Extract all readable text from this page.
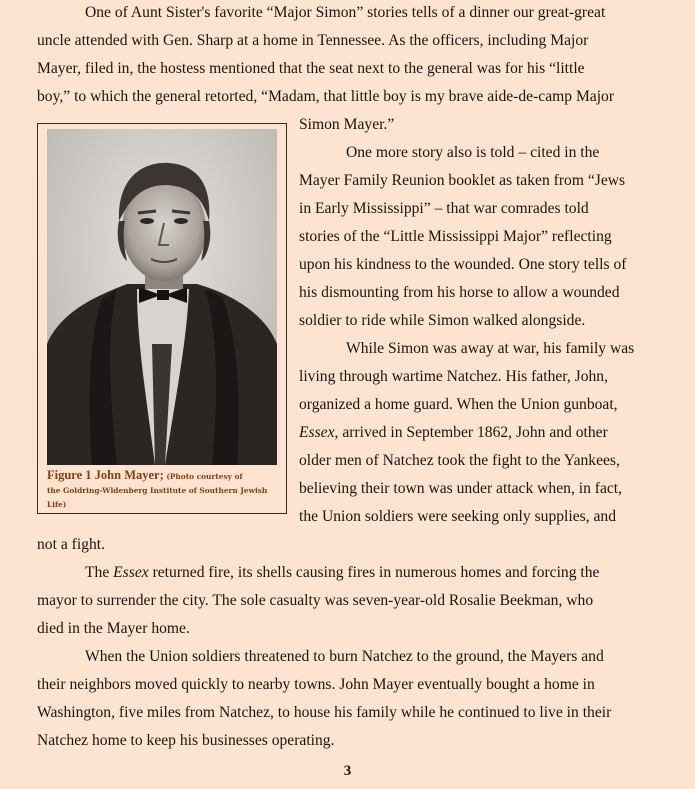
One of Aunt Sister's favorite “Major Simon” stories tells of a dinner our great-great
uncle attended with Gen. Sharp at a home in Tennessee. As the officers, including Major
Mayer, filed in, the hostess mentioned that the seat next to the general was for his “little
boy,” to which the general retorted, “Madam, that little boy is my brave aide-de-camp Major
Simon Mayer.”
One more story also is told – cited in the
Mayer Family Reunion booklet as taken from “Jews
in Early Mississippi” – that war comrades told
stories of the “Little Mississippi Major” reflecting
upon his kindness to the wounded. One story tells of
his dismounting from his horse to allow a wounded
soldier to ride while Simon walked alongside.
While Simon was away at war, his family was
living through wartime Natchez. His father, John,
organized a home guard. When the Union gunboat,
Essex, arrived in September 1862, John and other
older men of Natchez took the fight to the Yankees,
believing their town was under attack when, in fact,
the Union soldiers were seeking only supplies, and
not a fight.
The Essex returned fire, its shells causing fires in numerous homes and forcing the
mayor to surrender the city. The sole casualty was seven-year-old Rosalie Beekman, who
died in the Mayer home.
When the Union soldiers threatened to burn Natchez to the ground, the Mayers and
their neighbors moved quickly to nearby towns. John Mayer eventually bought a home in
Washington, five miles from Natchez, to house his family while he continued to live in their
Natchez home to keep his businesses operating.
Figure 1 John Mayer; (Photo courtesy of
the Goldring-Wldenberg Institute of Southern Jewish
Life)
3
